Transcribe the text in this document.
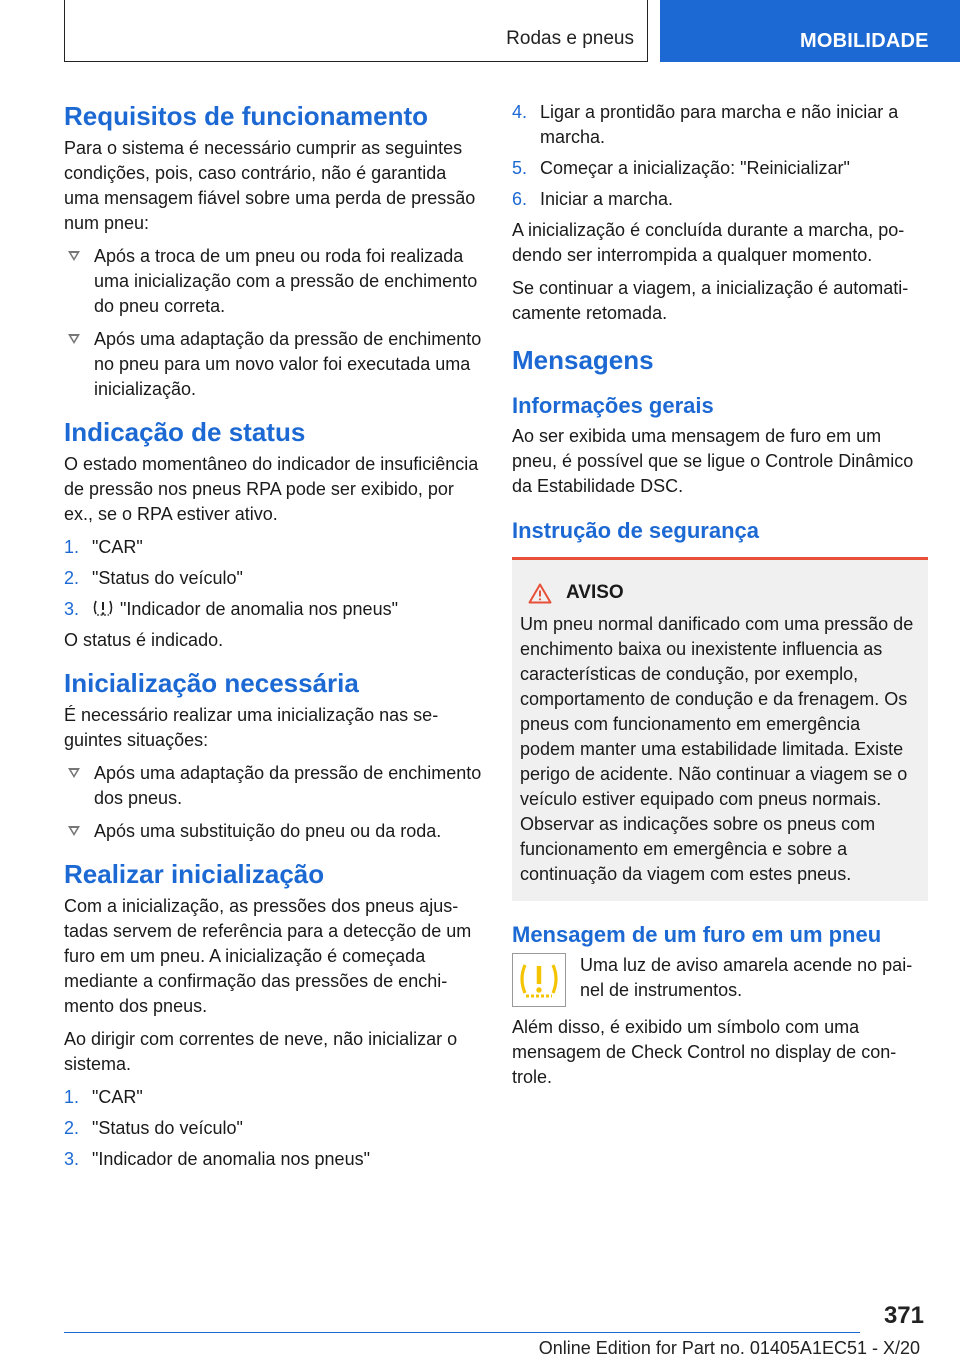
Rodas e pneus	MOBILIDADE
Requisitos de funcionamento

Para o sistema é necessário cumprir as seguintes condições, pois, caso contrário, não é garantida uma mensagem fiável sobre uma perda de pressão num pneu:

Após a troca de um pneu ou roda foi realizada uma inicialização com a pressão de enchimento do pneu correta.
Após uma adaptação da pressão de enchimento no pneu para um novo valor foi executada uma inicialização.
Indicação de status

O estado momentâneo do indicador de insuficiência de pressão nos pneus RPA pode ser exibido, por ex., se o RPA estiver ativo.

1. "CAR"
2. "Status do veículo"
3. "Indicador de anomalia nos pneus"

O status é indicado.

Inicialização necessária

É necessário realizar uma inicialização nas seguintes situações:

Após uma adaptação da pressão de enchimento dos pneus.
Após uma substituição do pneu ou da roda.
Realizar inicialização

Com a inicialização, as pressões dos pneus ajustadas servem de referência para a detecção de um furo em um pneu. A inicialização é começada mediante a confirmação das pressões de enchimento dos pneus.

Ao dirigir com correntes de neve, não inicializar o sistema.

1. "CAR"
2. "Status do veículo"
3. "Indicador de anomalia nos pneus"
4. Ligar a prontidão para marcha e não iniciar a marcha.
5. Começar a inicialização: "Reinicializar"
6. Iniciar a marcha.

A inicialização é concluída durante a marcha, podendo ser interrompida a qualquer momento.

Se continuar a viagem, a inicialização é automaticamente retomada.

Mensagens
Informações gerais

Ao ser exibida uma mensagem de furo em um pneu, é possível que se ligue o Controle Dinâmico da Estabilidade DSC.

Instrução de segurança
AVISO

Um pneu normal danificado com uma pressão de enchimento baixa ou inexistente influencia as características de condução, por exemplo, comportamento de condução e da frenagem. Os pneus com funcionamento em emergência podem manter uma estabilidade limitada. Existe perigo de acidente. Não continuar a viagem se o veículo estiver equipado com pneus normais. Observar as indicações sobre os pneus com funcionamento em emergência e sobre a continuação da viagem com estes pneus.

Mensagem de um furo em um pneu

Uma luz de aviso amarela acende no painel de instrumentos.

Além disso, é exibido um símbolo com uma mensagem de Check Control no display de controle.

371
Online Edition for Part no. 01405A1EC51 - X/20
